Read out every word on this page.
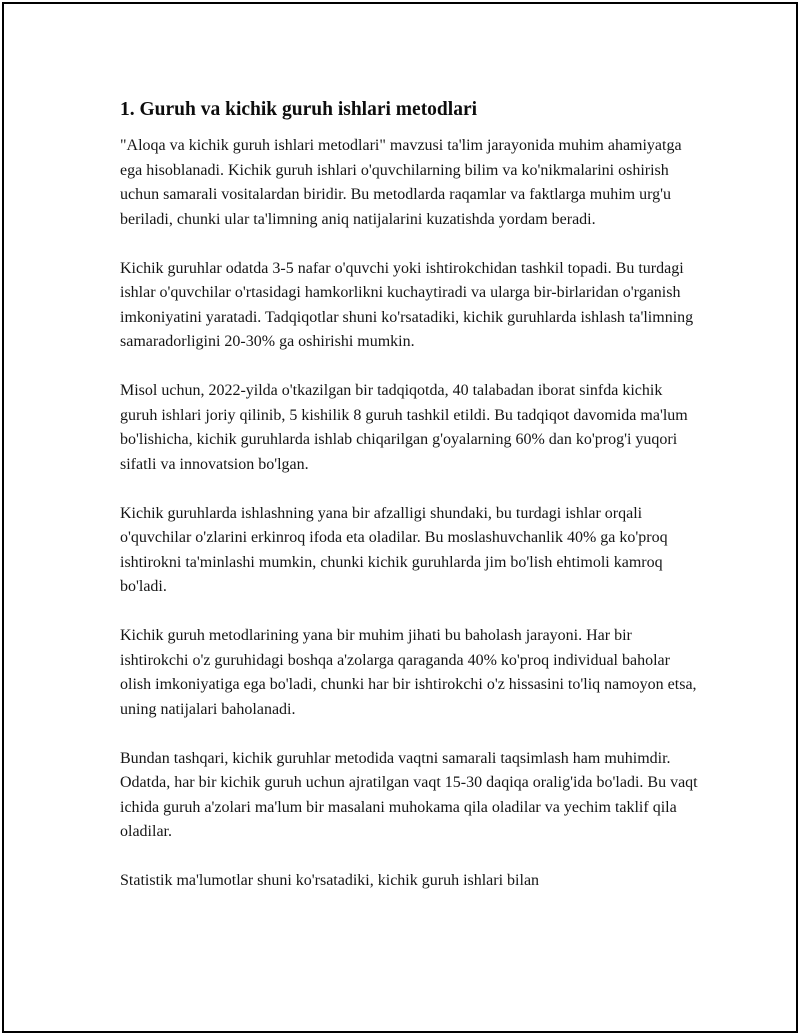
1. Guruh va kichik guruh ishlari metodlari

"Aloqa va kichik guruh ishlari metodlari" mavzusi ta'lim jarayonida muhim ahamiyatga ega hisoblanadi. Kichik guruh ishlari o'quvchilarning bilim va ko'nikmalarini oshirish uchun samarali vositalardan biridir. Bu metodlarda raqamlar va faktlarga muhim urg'u beriladi, chunki ular ta'limning aniq natijalarini kuzatishda yordam beradi.

Kichik guruhlar odatda 3-5 nafar o'quvchi yoki ishtirokchidan tashkil topadi. Bu turdagi ishlar o'quvchilar o'rtasidagi hamkorlikni kuchaytiradi va ularga bir-birlaridan o'rganish imkoniyatini yaratadi. Tadqiqotlar shuni ko'rsatadiki, kichik guruhlarda ishlash ta'limning samaradorligini 20-30% ga oshirishi mumkin.

Misol uchun, 2022-yilda o'tkazilgan bir tadqiqotda, 40 talabadan iborat sinfda kichik guruh ishlari joriy qilinib, 5 kishilik 8 guruh tashkil etildi. Bu tadqiqot davomida ma'lum bo'lishicha, kichik guruhlarda ishlab chiqarilgan g'oyalarning 60% dan ko'prog'i yuqori sifatli va innovatsion bo'lgan.

Kichik guruhlarda ishlashning yana bir afzalligi shundaki, bu turdagi ishlar orqali o'quvchilar o'zlarini erkinroq ifoda eta oladilar. Bu moslashuvchanlik 40% ga ko'proq ishtirokni ta'minlashi mumkin, chunki kichik guruhlarda jim bo'lish ehtimoli kamroq bo'ladi.

Kichik guruh metodlarining yana bir muhim jihati bu baholash jarayoni. Har bir ishtirokchi o'z guruhidagi boshqa a'zolarga qaraganda 40% ko'proq individual baholar olish imkoniyatiga ega bo'ladi, chunki har bir ishtirokchi o'z hissasini to'liq namoyon etsa, uning natijalari baholanadi.

Bundan tashqari, kichik guruhlar metodida vaqtni samarali taqsimlash ham muhimdir. Odatda, har bir kichik guruh uchun ajratilgan vaqt 15-30 daqiqa oralig'ida bo'ladi. Bu vaqt ichida guruh a'zolari ma'lum bir masalani muhokama qila oladilar va yechim taklif qila oladilar.

Statistik ma'lumotlar shuni ko'rsatadiki, kichik guruh ishlari bilan
